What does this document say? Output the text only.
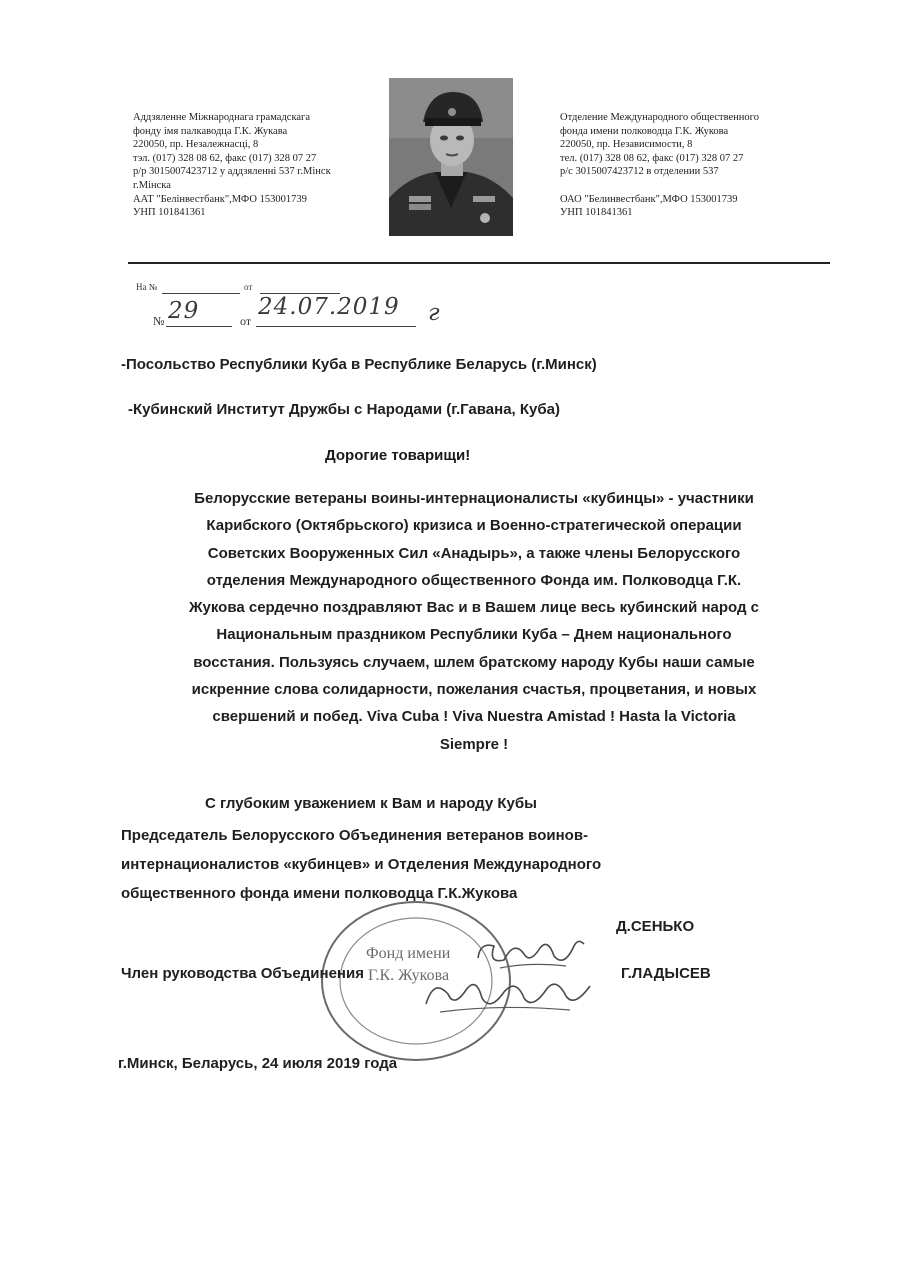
Аддзяленне Міжнароднага грамадскага
фонду імя палкаводца Г.К. Жукава
220050, пр. Незалежнасці, 8
тэл. (017) 328 08 62, факс (017) 328 07 27
р/р 3015007423712 у аддзяленні 537 г.Мінск
г.Мінска
ААТ "Белінвестбанк",МФО 153001739
УНП 101841361
Отделение Международного общественного
фонда имени полководца Г.К. Жукова
220050, пр. Независимости, 8
тел. (017) 328 08 62, факс (017) 328 07 27
р/с 3015007423712 в отделении 537

ОАО "Белинвестбанк",МФО 153001739
УНП 101841361
На №	от
№ 29	от
24.07.2019 г
-Посольство Республики Куба в Республике Беларусь (г.Минск)
-Кубинский Институт Дружбы с Народами (г.Гавана, Куба)
Дорогие товарищи!
Белорусские ветераны воины-интернационалисты «кубинцы» - участники
Карибского (Октябрьского) кризиса и Военно-стратегической операции
Советских Вооруженных Сил «Анадырь», а также члены Белорусского
отделения Международного общественного Фонда им. Полководца Г.К.
Жукова сердечно поздравляют Вас и в Вашем лице весь кубинский народ с
Национальным праздником Республики Куба – Днем национального
восстания. Пользуясь случаем, шлем братскому народу Кубы наши самые
искренние слова солидарности, пожелания счастья, процветания, и новых
свершений и побед. Viva Cuba ! Viva Nuestra Amistad ! Hasta la Victoria
Siempre !
С глубоким уважением к Вам и народу Кубы
Председатель Белорусского Объединения ветеранов воинов-
интернационалистов «кубинцев» и Отделения Международного
общественного фонда имени полководца Г.К.Жукова
Фонд имени
Г.К. Жукова
Д.СЕНЬКО
Член руководства Объединения	Г.ЛАДЫСЕВ
г.Минск, Беларусь, 24 июля 2019 года
